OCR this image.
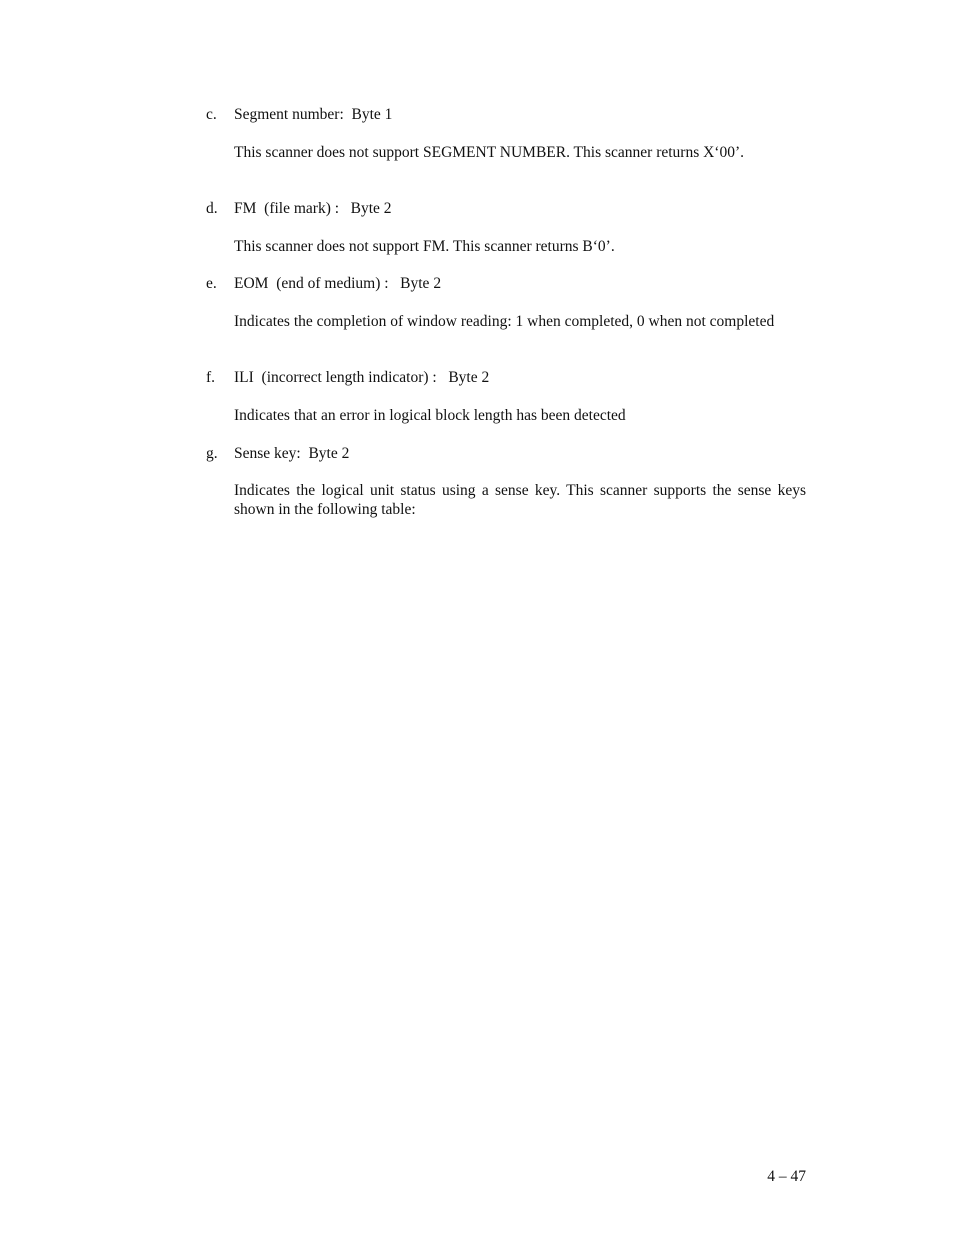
c. Segment number:  Byte 1
This scanner does not support SEGMENT NUMBER. This scanner returns X‘00’.
d. FM  (file mark) :   Byte 2
This scanner does not support FM. This scanner returns B‘0’.
e. EOM  (end of medium) :   Byte 2
Indicates the completion of window reading: 1 when completed, 0 when not completed
f. ILI  (incorrect length indicator) :   Byte 2
Indicates that an error in logical block length has been detected
g. Sense key:  Byte 2
Indicates the logical unit status using a sense key. This scanner supports the sense keys shown in the following table:
4 – 47
